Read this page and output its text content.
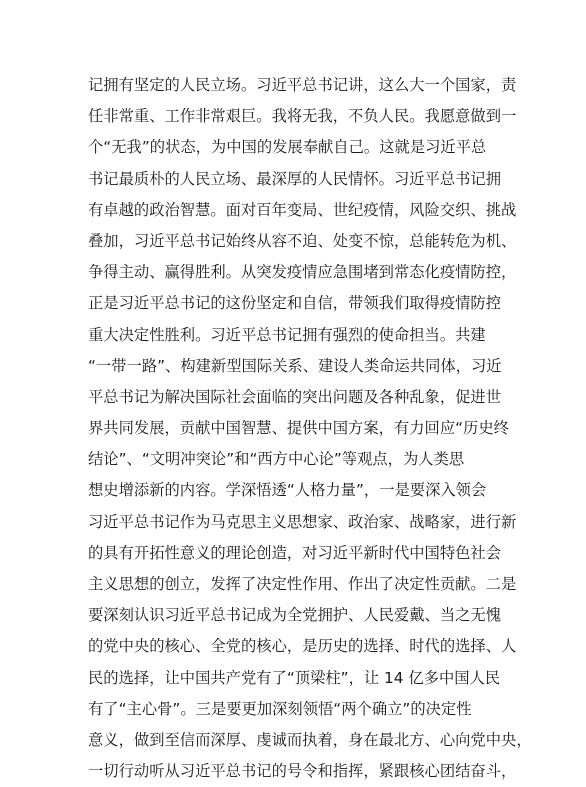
记拥有坚定的人民立场。习近平总书记讲，这么大一个国家，责
任非常重、工作非常艰巨。我将无我，不负人民。我愿意做到一
个“无我”的状态，为中国的发展奉献自己。这就是习近平总
书记最质朴的人民立场、最深厚的人民情怀。习近平总书记拥
有卓越的政治智慧。面对百年变局、世纪疫情，风险交织、挑战
叠加，习近平总书记始终从容不迫、处变不惊，总能转危为机、
争得主动、赢得胜利。从突发疫情应急围堵到常态化疫情防控，
正是习近平总书记的这份坚定和自信，带领我们取得疫情防控
重大决定性胜利。习近平总书记拥有强烈的使命担当。共建
“一带一路”、构建新型国际关系、建设人类命运共同体，习近
平总书记为解决国际社会面临的突出问题及各种乱象，促进世
界共同发展，贡献中国智慧、提供中国方案，有力回应“历史终
结论”、“文明冲突论”和“西方中心论”等观点，为人类思
想史增添新的内容。学深悟透“人格力量”，一是要深入领会
习近平总书记作为马克思主义思想家、政治家、战略家，进行新
的具有开拓性意义的理论创造，对习近平新时代中国特色社会
主义思想的创立，发挥了决定性作用、作出了决定性贡献。二是
要深刻认识习近平总书记成为全党拥护、人民爱戴、当之无愧
的党中央的核心、全党的核心，是历史的选择、时代的选择、人
民的选择，让中国共产党有了“顶梁柱”，让 14 亿多中国人民
有了“主心骨”。三是要更加深刻领悟“两个确立”的决定性
意义，做到至信而深厚、虔诚而执着，身在最北方、心向党中央，
一切行动听从习近平总书记的号令和指挥，紧跟核心团结奋斗，
